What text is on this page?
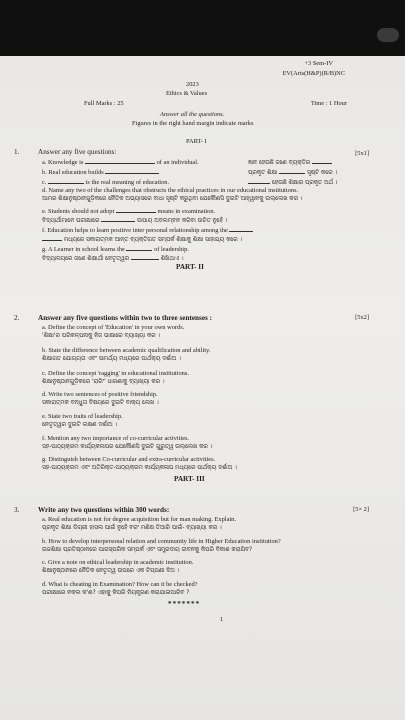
+3 Sem-IV
EV(Arts(H&P)(R/B)NC
2023
Ethics & Values
Full Marks : 25	Time : 1 Hour
Answer all the questions.
Figures in the right hand margin indicate marks
PART- I
1.	Answer any five questions:	[5x1]
a. Knowledge is	of an individual.	ଜ୍ଞାନ ହେଉଛି ଜଣେ ବ୍ୟକ୍ତିର
b. Real education builds	ପ୍ରକୃତ ଶିକ୍ଷା	ସୃଷ୍ଟି କରେ ।
c.	is the real meaning of education.	ହେଉଛି ଶିକ୍ଷାର ପ୍ରକୃତ ଅର୍ଥ ।
d. Name any two of the challenges that obstructs the ethical practices in our educational institutions.
ଆମର ଶିକ୍ଷାନୁଷ୍ଠାନଗୁଡ଼ିକରେ ନୈତିକ ଅଭ୍ୟାସରେ ବାଧା ସୃଷ୍ଟି କରୁଥିବା ଯେକୌଣସି ଦୁଇଟି ଆହ୍ୱାନକୁ ଉଲ୍ଲେଖ କର ।
e. Students should not adopt	means in examination.
ବିଦ୍ୟାର୍ଥୀମାନେ ପରୀକ୍ଷାରେ	ଉପାୟ ଅବଲମ୍ବନ କରିବା ଉଚିତ ନୁହେଁ ।
f. Education helps to learn positive inter personal relationship among the
ମଧ୍ୟରେ ସକାରାତ୍ମକ ଆନ୍ତ ବ୍ୟକ୍ତିଗତ ସମ୍ପର୍କ ଶିକ୍ଷାକୁ ଶିକ୍ଷା ସାହାଯ୍ୟ କରେ ।
g. A Learner in school learns the	of leadership.
ବିଦ୍ୟାଳୟରେ ଜଣେ ଶିକ୍ଷାର୍ଥୀ ନେତୃତ୍ୱର	ଶିଖିଥାଏ ।
PART- II
2.	Answer any five questions within two to three sentenses :	[5x2]
a. Define the concept of 'Education' in your own words.
'ଶିକ୍ଷା'ର ପରିକଳ୍ପନାକୁ ନିଜ ଭାଷାରେ ବ୍ୟାଖ୍ୟା କର ।
b. State the difference between academic qualification and ability.
ଶିକ୍ଷାଗତ ଯୋଗ୍ୟତା ଏବଂ ସାମର୍ଥ୍ୟ ମଧ୍ୟରେ ପାର୍ଥକ୍ୟ ଦର୍ଶାଅ ।
c. Define the concept 'ragging' in educational institutions.
ଶିକ୍ଷାନୁଷ୍ଠାନଗୁଡ଼ିକରେ 'ରାଗିଂ' ଧାରଣାକୁ ବ୍ୟାଖ୍ୟା କର ।
d. Write two sentences of positive friendship.
ସକାରାତ୍ମକ ବନ୍ଧୁତା ବିଷୟରେ ଦୁଇଟି ବାକ୍ୟ ଲେଖ ।
e. State two traits of leadership.
ନେତୃତ୍ୱର ଦୁଇଟି ଲକ୍ଷଣ ଦର୍ଶାଅ ।
f. Mention any two importance of co-curricular activities.
ସହ-ପାଠ୍ୟକ୍ରମ କାର୍ଯ୍ୟକଳାପର ଯେକୌଣସି ଦୁଇଟି ଗୁରୁତ୍ୱ ଉଲ୍ଲେଖ କର ।
g. Distinguish between Co-curricular and extra-curricular activities.
ସହ-ପାଠ୍ୟକ୍ରମ ଏବଂ ଅତିରିକ୍ତ-ପାଠ୍ୟକ୍ରମ କାର୍ଯ୍ୟକଳାପ ମଧ୍ୟରେ ପାର୍ଥକ୍ୟ ଦର୍ଶାଅ ।
PART- III
3.	Write any two questions within 300 words:	[5× 2]
a. Real education is not for degree acquisition but for man making. Explain.
ପ୍ରକୃତ ଶିକ୍ଷା ଡିଗ୍ରୀ ହାସଲ ପାଇଁ ନୁହେଁ ବରଂ ମଣିଷ ତିଆରି ପାଇଁ- ବ୍ୟାଖ୍ୟା କର ।
b. How to develop interpersonal relation and community life in Higher Education institution?
ଉଚ୍ଚଶିକ୍ଷା ପ୍ରତିଷ୍ଠାନରେ ପାରସ୍ପରିକ ସମ୍ପର୍କ ଏବଂ ସମ୍ପ୍ରଦାୟ ଜୀବନକୁ କିପରି ବିକାଶ କରାଯିବ?
c. Give a note on ethical leadership in academic institution.
ଶିକ୍ଷାନୁଷ୍ଠାନରେ ନୈତିକ ନେତୃତ୍ୱ ଉପରେ ଏକ ଟିପ୍ପଣୀ ଦିଅ ।
d. What is cheating in Examination? How can it be checked?
ପରୀକ୍ଷାରେ ନକଲ କ'ଣ? ଏହାକୁ କିପରି ନିୟନ୍ତ୍ରଣ କରାଯାଇପାରିବ ?
*******
1
